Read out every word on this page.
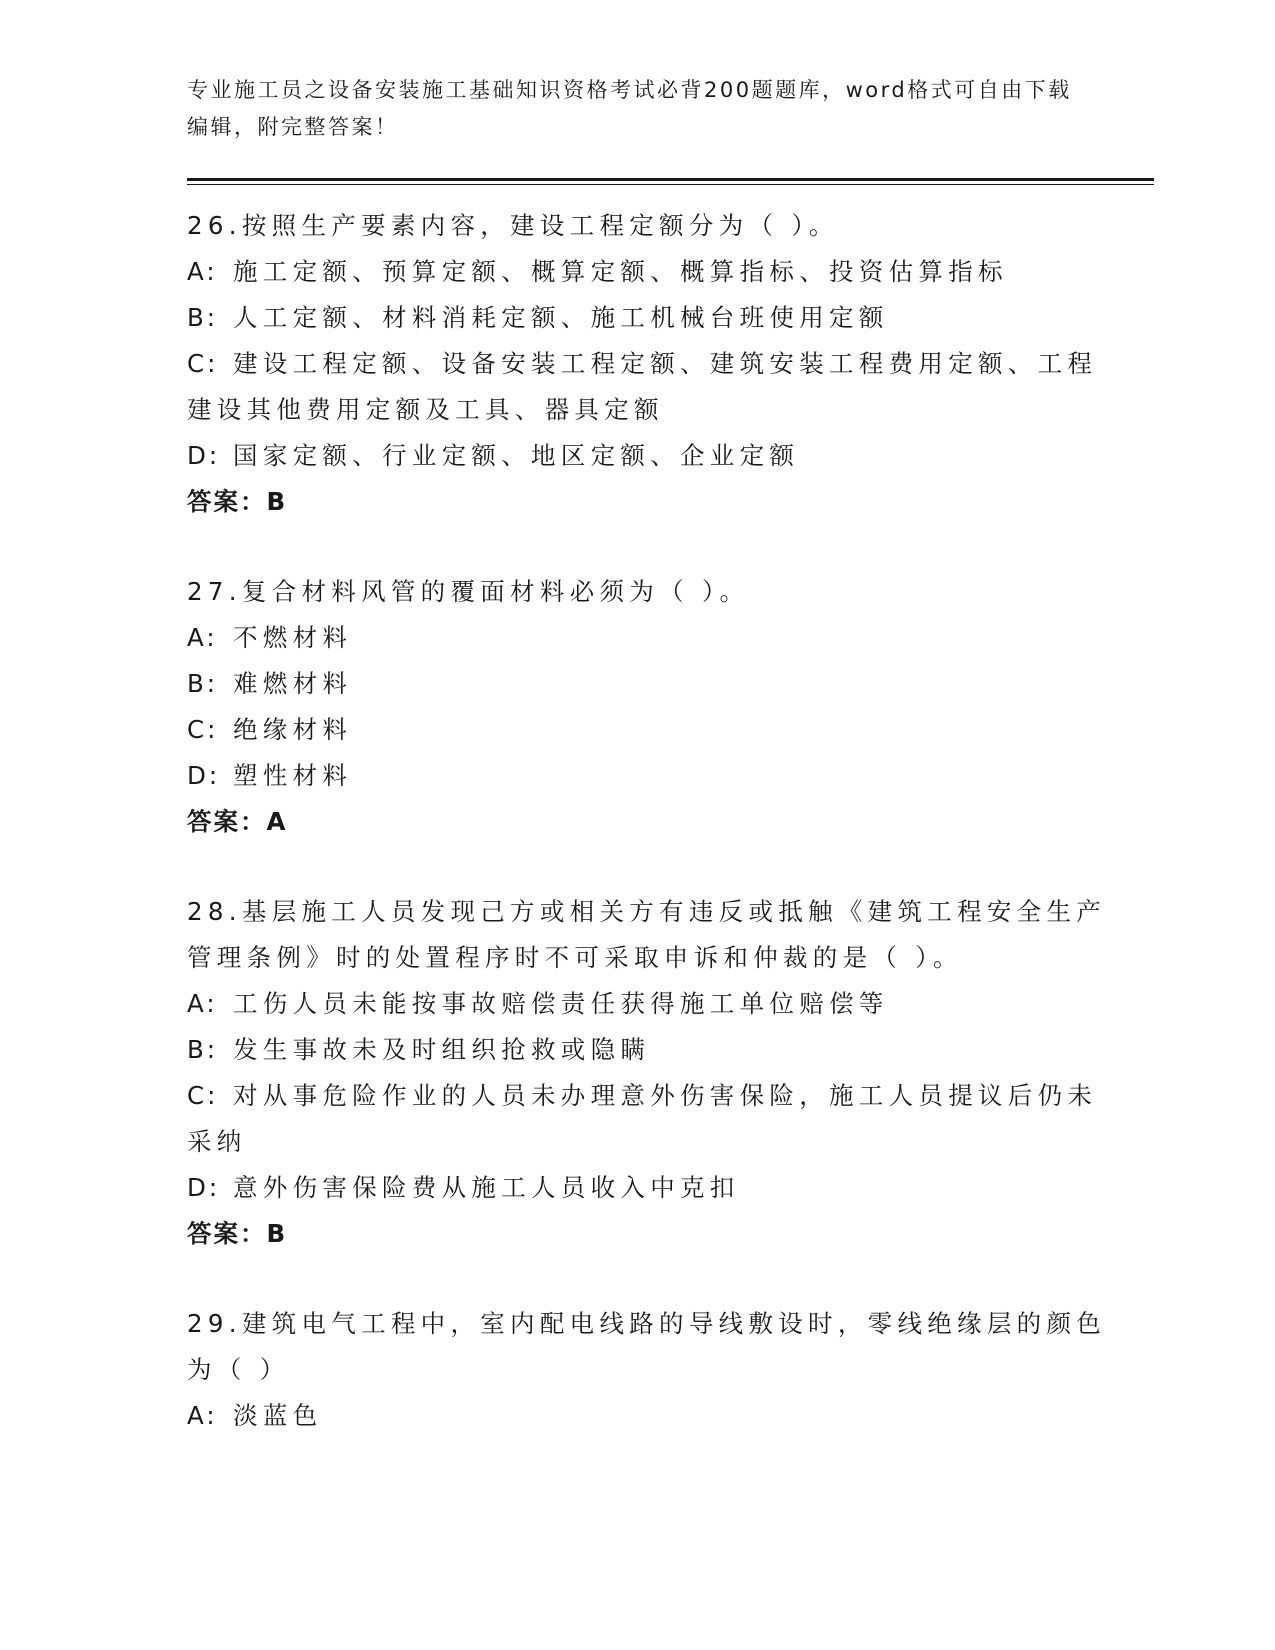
专业施工员之设备安装施工基础知识资格考试必背200题题库，word格式可自由下载编辑，附完整答案！
26.按照生产要素内容，建设工程定额分为（ ）。
A: 施工定额、预算定额、概算定额、概算指标、投资估算指标
B: 人工定额、材料消耗定额、施工机械台班使用定额
C: 建设工程定额、设备安装工程定额、建筑安装工程费用定额、工程建设其他费用定额及工具、器具定额
D: 国家定额、行业定额、地区定额、企业定额
答案：B
27.复合材料风管的覆面材料必须为（ ）。
A: 不燃材料
B: 难燃材料
C: 绝缘材料
D: 塑性材料
答案：A
28.基层施工人员发现己方或相关方有违反或抵触《建筑工程安全生产管理条例》时的处置程序时不可采取申诉和仲裁的是（ ）。
A: 工伤人员未能按事故赔偿责任获得施工单位赔偿等
B: 发生事故未及时组织抢救或隐瞒
C: 对从事危险作业的人员未办理意外伤害保险，施工人员提议后仍未采纳
D: 意外伤害保险费从施工人员收入中克扣
答案：B
29.建筑电气工程中，室内配电线路的导线敷设时，零线绝缘层的颜色为（ ）
A: 淡蓝色
